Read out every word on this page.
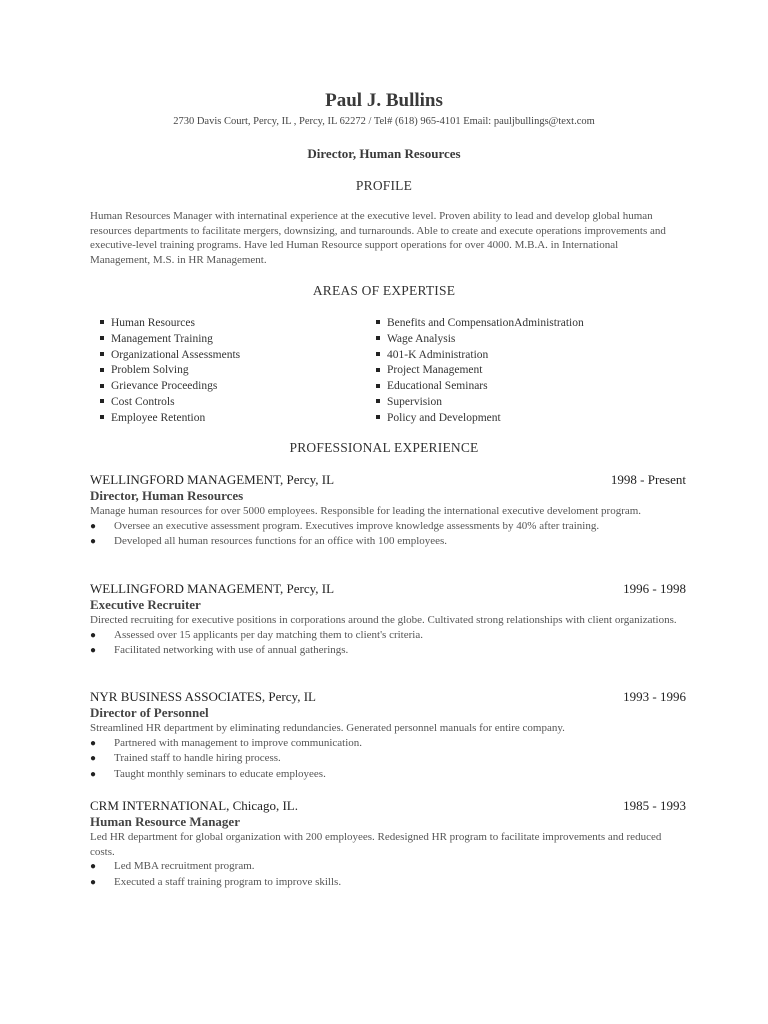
Paul J. Bullins
2730 Davis Court, Percy, IL , Percy, IL 62272 / Tel# (618) 965-4101 Email: pauljbullings@text.com
Director, Human Resources
PROFILE
Human Resources Manager with internatinal experience at the executive level. Proven ability to lead and develop global human resources departments to facilitate mergers, downsizing, and turnarounds. Able to create and execute operations improvements and executive-level training programs. Have led Human Resource support operations for over 4000. M.B.A. in International Management, M.S. in HR Management.
AREAS OF EXPERTISE
Human Resources
Management Training
Organizational Assessments
Problem Solving
Grievance Proceedings
Cost Controls
Employee Retention
Benefits and CompensationAdministration
Wage Analysis
401-K Administration
Project Management
Educational Seminars
Supervision
Policy and Development
PROFESSIONAL EXPERIENCE
WELLINGFORD MANAGEMENT, Percy, IL	1998 - Present
Director, Human Resources
Manage human resources for over 5000 employees. Responsible for leading the international executive develoment program.
● Oversee an executive assessment program. Executives improve knowledge assessments by 40% after training.
● Developed all human resources functions for an office with 100 employees.
WELLINGFORD MANAGEMENT, Percy, IL	1996 - 1998
Executive Recruiter
Directed recruiting for executive positions in corporations around the globe. Cultivated strong relationships with client organizations.
● Assessed over 15 applicants per day matching them to client's criteria.
● Facilitated networking with use of annual gatherings.
NYR BUSINESS ASSOCIATES, Percy, IL	1993 - 1996
Director of Personnel
Streamlined HR department by eliminating redundancies. Generated personnel manuals for entire company.
● Partnered with management to improve communication.
● Trained staff to handle hiring process.
● Taught monthly seminars to educate employees.
CRM INTERNATIONAL, Chicago, IL.	1985 - 1993
Human Resource Manager
Led HR department for global organization with 200 employees. Redesigned HR program to facilitate improvements and reduced costs.
● Led MBA recruitment program.
● Executed a staff training program to improve skills.
